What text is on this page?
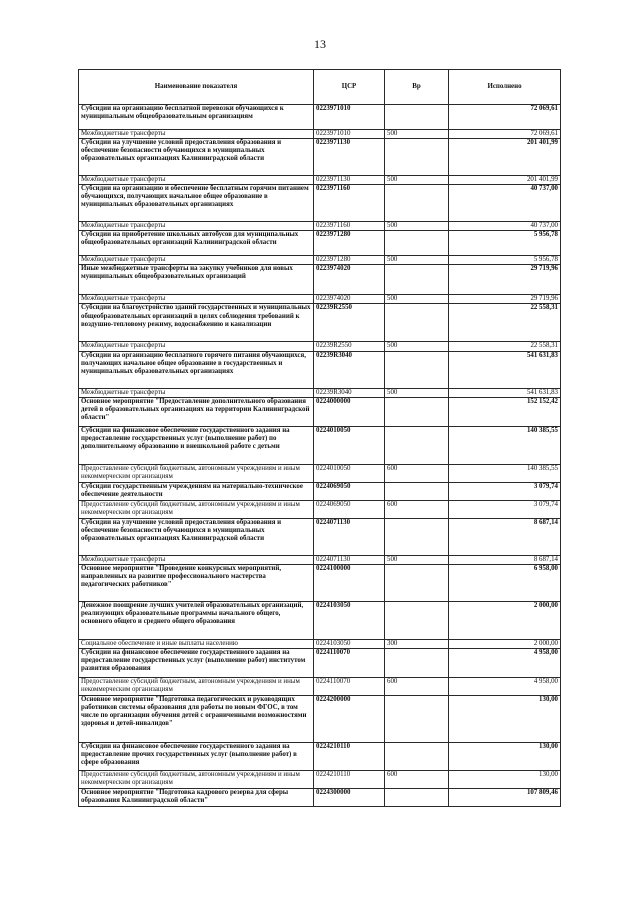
13
Наименование показателя	ЦСР	Вр	Исполнено
Субсидии на организацию бесплатной перевозки обучающихся к муниципальным общеобразовательным организациям	0223971010		72 069,61
Межбюджетные трансферты	0223971010	500	72 069,61
Субсидии на улучшение условий предоставления образования и обеспечение безопасности обучающихся в муниципальных образовательных организациях Калининградской области	0223971130		201 401,99
Межбюджетные трансферты	0223971130	500	201 401,99
Субсидии на организацию и обеспечение бесплатным горячим питанием обучающихся, получающих начальное общее образование в муниципальных образовательных организациях	0223971160		40 737,00
Межбюджетные трансферты	0223971160	500	40 737,00
Субсидии на приобретение школьных автобусов для муниципальных общеобразовательных организаций Калининградской области	0223971280		5 956,78
Межбюджетные трансферты	0223971280	500	5 956,78
Иные межбюджетные трансферты на закупку учебников для новых муниципальных общеобразовательных организаций	0223974020		29 719,96
Межбюджетные трансферты	0223974020	500	29 719,96
Субсидии на благоустройство зданий государственных и муниципальных общеобразовательных организаций в целях соблюдения требований к воздушно-тепловому режиму, водоснабжению и канализации	02239R2550		22 558,31
Межбюджетные трансферты	02239R2550	500	22 558,31
Субсидии на организацию бесплатного горячего питания обучающихся, получающих начальное общее образование в государственных и муниципальных образовательных организациях	02239R3040		541 631,83
Межбюджетные трансферты	02239R3040	500	541 631,83
Основное мероприятие "Предоставление дополнительного образования детей в образовательных организациях на территории Калининградской области"	0224000000		152 152,42
Субсидии на финансовое обеспечение государственного задания на предоставление государственных услуг (выполнение работ) по дополнительному образованию и внешкольной работе с детьми	0224010050		140 385,55
Предоставление субсидий бюджетным, автономным учреждениям и иным некоммерческим организациям	0224010050	600	140 385,55
Субсидии государственным учреждениям на материально-техническое обеспечение деятельности	0224069050		3 079,74
Предоставление субсидий бюджетным, автономным учреждениям и иным некоммерческим организациям	0224069050	600	3 079,74
Субсидии на улучшение условий предоставления образования и обеспечение безопасности обучающихся в муниципальных образовательных организациях Калининградской области	0224071130		8 687,14
Межбюджетные трансферты	0224071130	500	8 687,14
Основное мероприятие "Проведение конкурсных мероприятий, направленных на развитие профессионального мастерства педагогических работников"	0224100000		6 958,00
Денежное поощрение лучших учителей образовательных организаций, реализующих образовательные программы начального общего, основного общего и среднего общего образования	0224103050		2 000,00
Социальное обеспечение и иные выплаты населению	0224103050	300	2 000,00
Субсидии на финансовое обеспечение государственного задания на предоставление государственных услуг (выполнение работ) институтом развития образования	0224110070		4 958,00
Предоставление субсидий бюджетным, автономным учреждениям и иным некоммерческим организациям	0224110070	600	4 958,00
Основное мероприятие "Подготовка педагогических и руководящих работников системы образования для работы по новым ФГОС, в том числе по организации обучения детей с ограниченными возможностями здоровья и детей-инвалидов"	0224200000		130,00
Субсидии на финансовое обеспечение государственного задания на предоставление прочих государственных услуг (выполнение работ) в сфере образования	0224210110		130,00
Предоставление субсидий бюджетным, автономным учреждениям и иным некоммерческим организациям	0224210110	600	130,00
Основное мероприятие "Подготовка кадрового резерва для сферы образования Калининградской области"	0224300000		107 809,46
